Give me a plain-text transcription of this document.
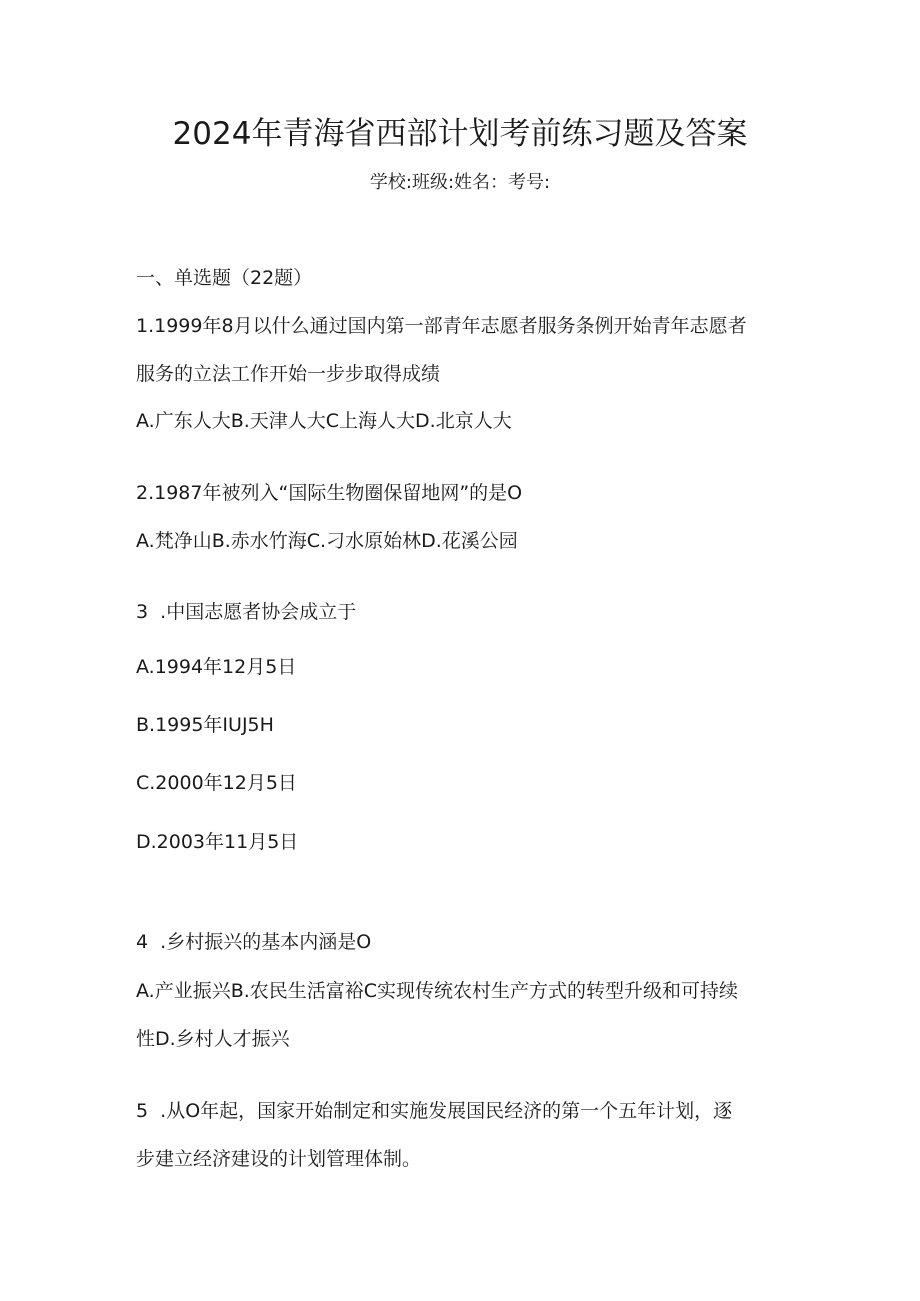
2024年青海省西部计划考前练习题及答案
学校:班级:姓名：考号:
一、单选题（22题）
1.1999年8月以什么通过国内第一部青年志愿者服务条例开始青年志愿者
服务的立法工作开始一步步取得成绩
A.广东人大B.天津人大C上海人大D.北京人大
2.1987年被列入“国际生物圈保留地网”的是O
A.梵净山B.赤水竹海C.刁水原始林D.花溪公园
3  .中国志愿者协会成立于
A.1994年12月5日
B.1995年IUJ5H
C.2000年12月5日
D.2003年11月5日
4  .乡村振兴的基本内涵是O
A.产业振兴B.农民生活富裕C实现传统农村生产方式的转型升级和可持续
性D.乡村人才振兴
5  .从O年起，国家开始制定和实施发展国民经济的第一个五年计划，逐
步建立经济建设的计划管理体制。
